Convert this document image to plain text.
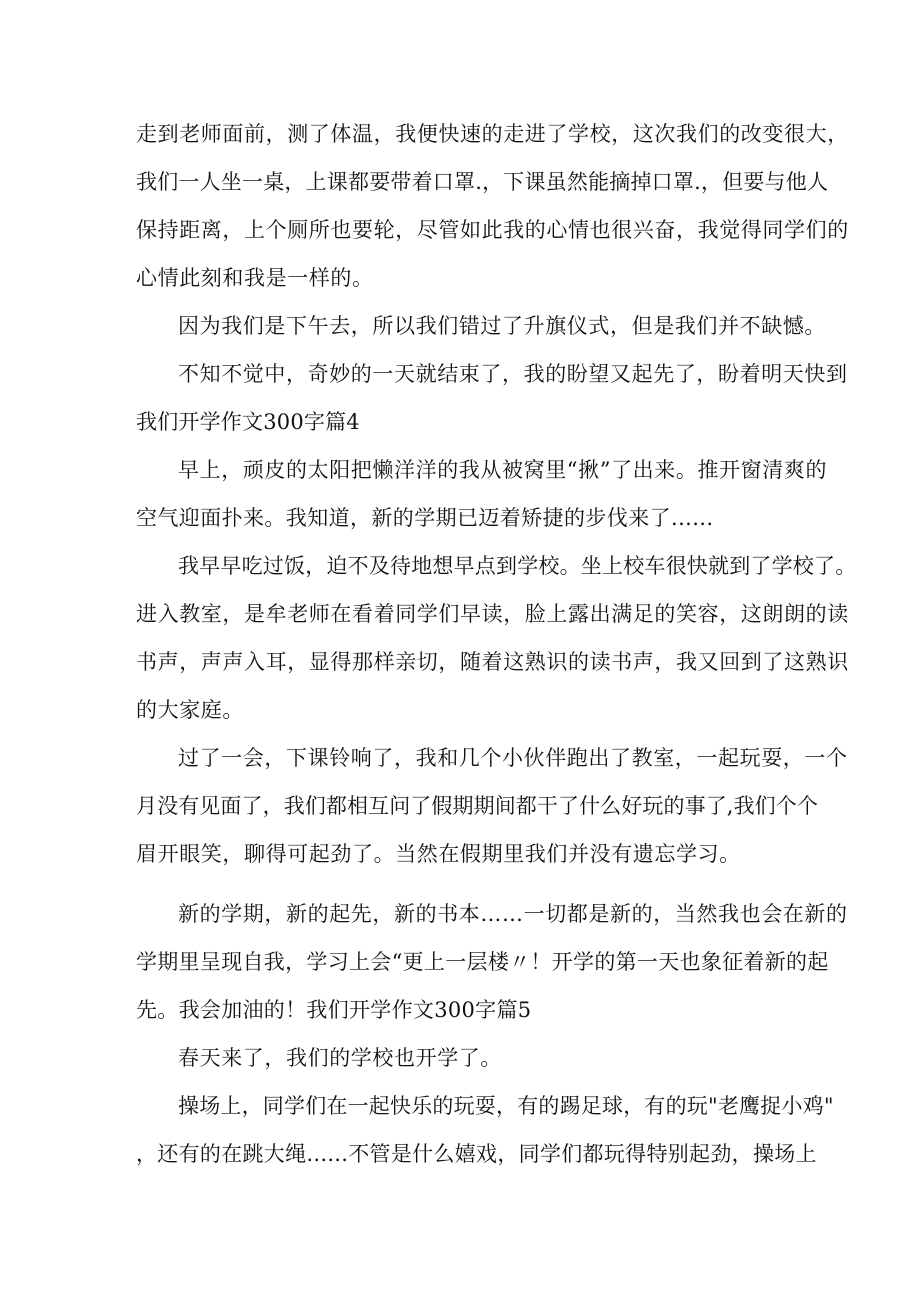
走到老师面前，测了体温，我便快速的走进了学校，这次我们的改变很大，
我们一人坐一桌，上课都要带着口罩.，下课虽然能摘掉口罩.，但要与他人
保持距离，上个厕所也要轮，尽管如此我的心情也很兴奋，我觉得同学们的
心情此刻和我是一样的。
因为我们是下午去，所以我们错过了升旗仪式，但是我们并不缺憾。
不知不觉中，奇妙的一天就结束了，我的盼望又起先了，盼着明天快到
我们开学作文300字篇4
早上，顽皮的太阳把懒洋洋的我从被窝里“揪”了出来。推开窗清爽的
空气迎面扑来。我知道，新的学期已迈着矫捷的步伐来了......
我早早吃过饭，迫不及待地想早点到学校。坐上校车很快就到了学校了。
进入教室，是牟老师在看着同学们早读，脸上露出满足的笑容，这朗朗的读
书声，声声入耳，显得那样亲切，随着这熟识的读书声，我又回到了这熟识
的大家庭。
过了一会，下课铃响了，我和几个小伙伴跑出了教室，一起玩耍，一个
月没有见面了，我们都相互问了假期期间都干了什么好玩的事了,我们个个
眉开眼笑，聊得可起劲了。当然在假期里我们并没有遗忘学习。
新的学期，新的起先，新的书本……一切都是新的，当然我也会在新的
学期里呈现自我，学习上会“更上一层楼〃！开学的第一天也象征着新的起
先。我会加油的！我们开学作文300字篇5
春天来了，我们的学校也开学了。
操场上，同学们在一起快乐的玩耍，有的踢足球，有的玩"老鹰捉小鸡"
，还有的在跳大绳......不管是什么嬉戏，同学们都玩得特别起劲，操场上
